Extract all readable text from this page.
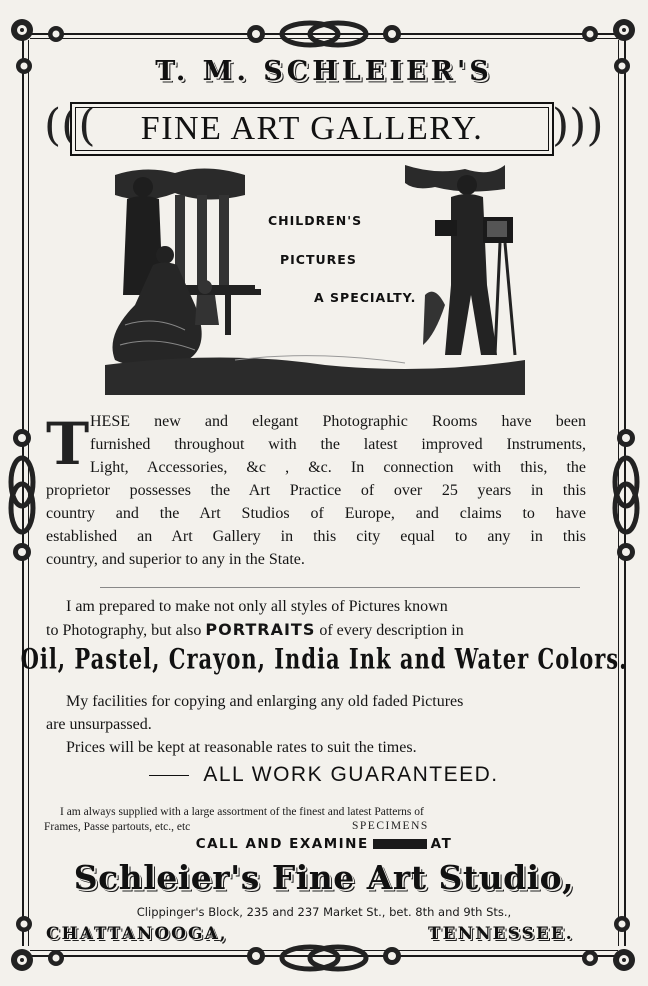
T. M. SCHLEIER'S
(((	)))
FINE ART GALLERY.
CHILDREN'S
PICTURES
A SPECIALTY.
T HESE new and elegant Photographic Rooms have been
furnished throughout with the latest improved Instruments,
Light, Accessories, &c , &c. In connection with this, the
proprietor possesses the Art Practice of over 25 years in this
country and the Art Studios of Europe, and claims to have
established an Art Gallery in this city equal to any in this
country, and superior to any in the State.
I am prepared to make not only all styles of Pictures known
to Photography, but also PORTRAITS of every description in
Oil, Pastel, Crayon, India Ink and Water Colors.
My facilities for copying and enlarging any old faded Pictures
are unsurpassed.
Prices will be kept at reasonable rates to suit the times.
ALL WORK GUARANTEED.
I am always supplied with a large assortment of the finest and latest Patterns of
Frames, Passe partouts, etc., etc	SPECIMENS
CALL AND EXAMINE	AT
Schleier's Fine Art Studio,
Clippinger's Block, 235 and 237 Market St., bet. 8th and 9th Sts.,
CHATTANOOGA,	TENNESSEE.
